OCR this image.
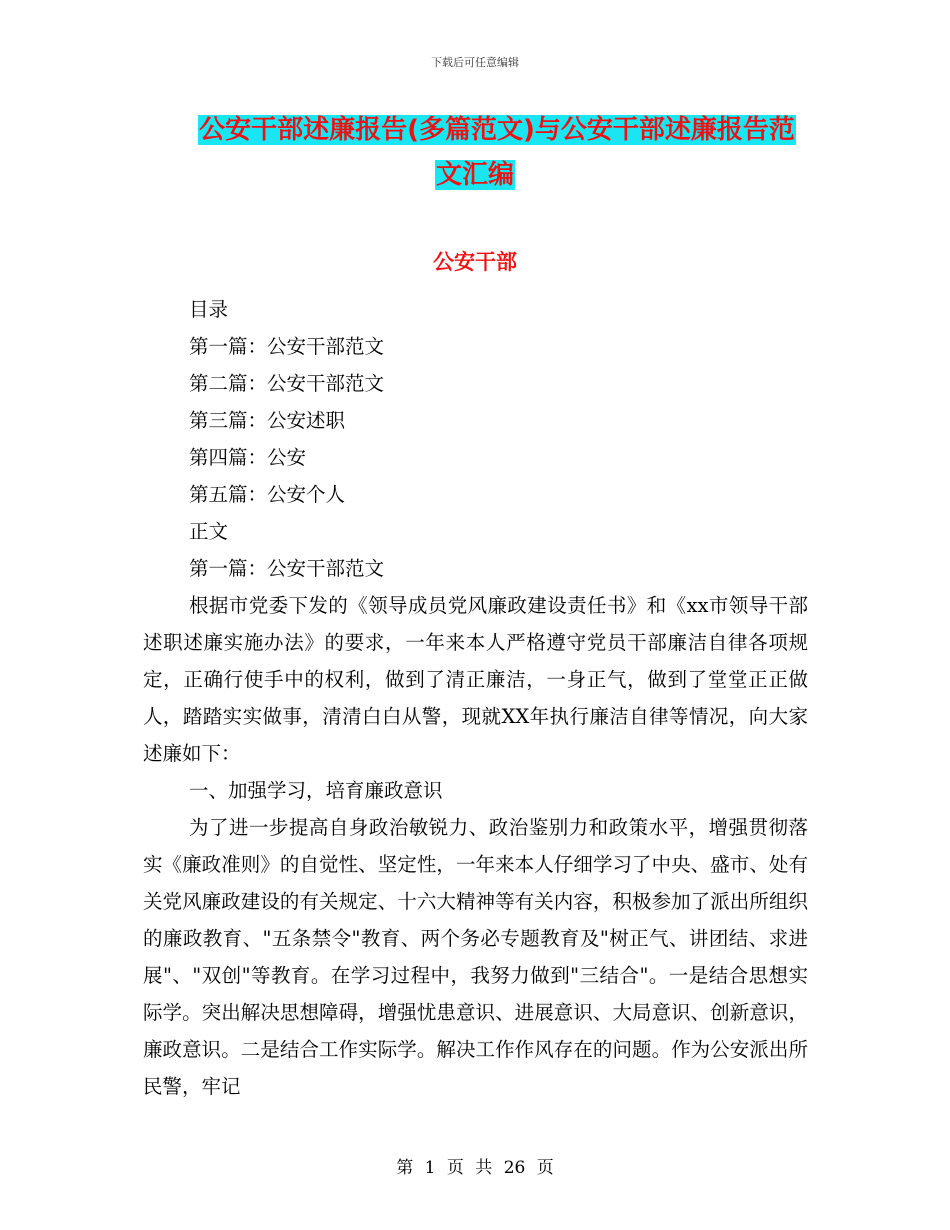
下载后可任意编辑
公安干部述廉报告(多篇范文)与公安干部述廉报告范
文汇编
公安干部
目录
第一篇：公安干部范文
第二篇：公安干部范文
第三篇：公安述职
第四篇：公安
第五篇：公安个人
正文
第一篇：公安干部范文

根据市党委下发的《领导成员党风廉政建设责任书》和《xx市领导干部述职述廉实施办法》的要求，一年来本人严格遵守党员干部廉洁自律各项规定，正确行使手中的权利，做到了清正廉洁，一身正气，做到了堂堂正正做人，踏踏实实做事，清清白白从警，现就XX年执行廉洁自律等情况，向大家述廉如下：

一、加强学习，培育廉政意识

为了进一步提高自身政治敏锐力、政治鉴别力和政策水平，增强贯彻落实《廉政准则》的自觉性、坚定性，一年来本人仔细学习了中央、盛市、处有关党风廉政建设的有关规定、十六大精神等有关内容，积极参加了派出所组织的廉政教育、"五条禁令"教育、两个务必专题教育及"树正气、讲团结、求进展"、"双创"等教育。在学习过程中，我努力做到"三结合"。一是结合思想实际学。突出解决思想障碍，增强忧患意识、进展意识、大局意识、创新意识，廉政意识。二是结合工作实际学。解决工作作风存在的问题。作为公安派出所民警，牢记

第 1 页 共 26 页
